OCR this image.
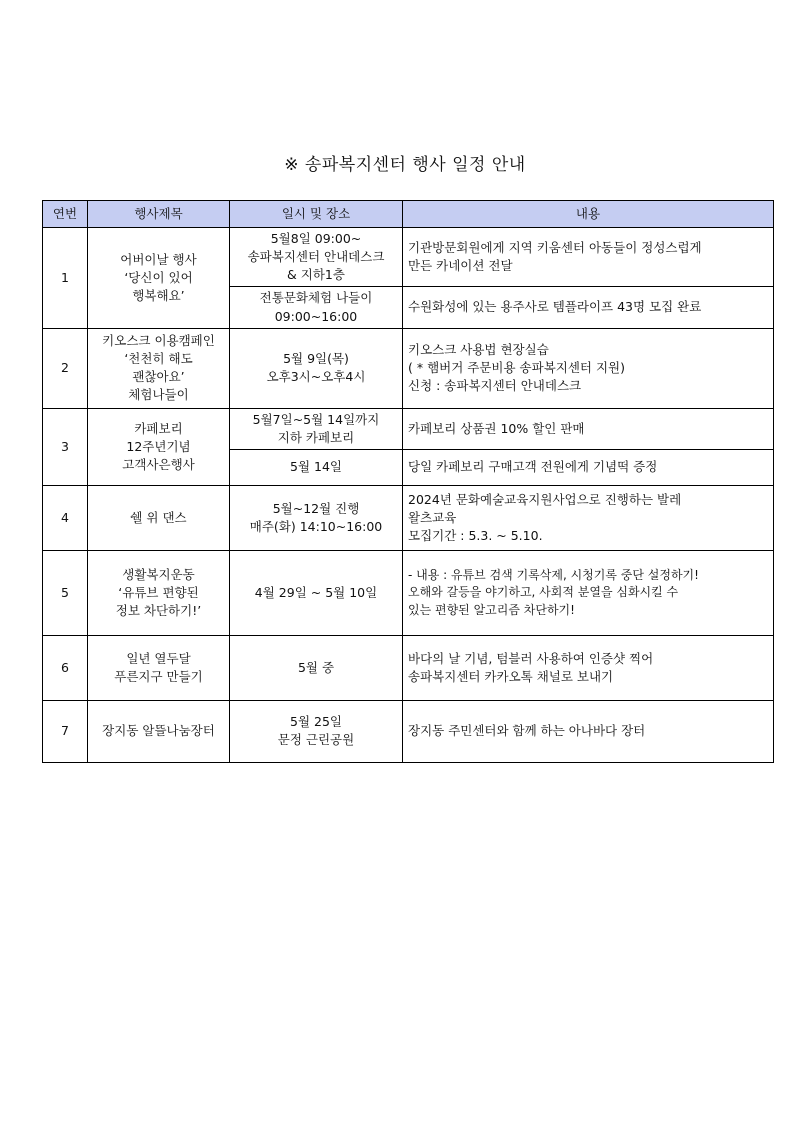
※ 송파복지센터 행사 일정 안내
연번	행사제목	일시 및 장소	내용
1	어버이날 행사
‘당신이 있어
행복해요’	5월8일 09:00~
송파복지센터 안내데스크
& 지하1층	기관방문회원에게 지역 키움센터 아동들이 정성스럽게
만든 카네이션 전달

		전통문화체험 나들이
09:00~16:00	수원화성에 있는 용주사로 템플라이프 43명 모집 완료

2	키오스크 이용캠페인
‘천천히 해도
괜찮아요’
체험나들이	5월 9일(목)
오후3시~오후4시	키오스크 사용법 현장실습
( * 햄버거 주문비용 송파복지센터 지원)
신청 : 송파복지센터 안내데스크

3	카페보리
12주년기념
고객사은행사	5월7일~5월 14일까지
지하 카페보리	카페보리 상품권 10% 할인 판매

		5월 14일	당일 카페보리 구매고객 전원에게 기념떡 증정

4	쉘 위 댄스	5월~12월 진행
매주(화) 14:10~16:00	2024년 문화예술교육지원사업으로 진행하는 발레
왈츠교육
모집기간 : 5.3. ~ 5.10.

5	생활복지운동
‘유튜브 편향된
정보 차단하기!’	4월 29일 ~ 5월 10일	- 내용 : 유튜브 검색 기록삭제, 시청기록 중단 설정하기!
오해와 갈등을 야기하고, 사회적 분열을 심화시킬 수
있는 편향된 알고리즘 차단하기!

6	일년 열두달
푸른지구 만들기	5월 중	바다의 날 기념, 텀블러 사용하여 인증샷 찍어
송파복지센터 카카오톡 채널로 보내기

7	장지동 알뜰나눔장터	5월 25일
문정 근린공원	장지동 주민센터와 함께 하는 아나바다 장터
